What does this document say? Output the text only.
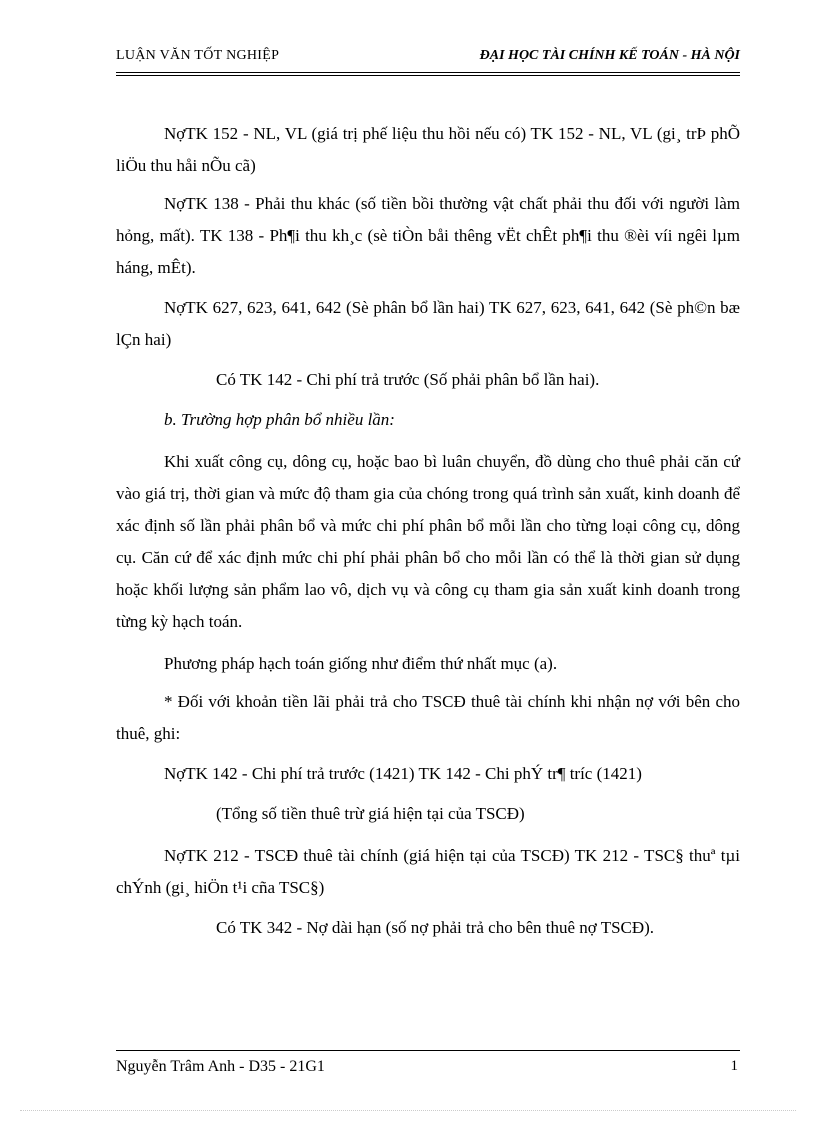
LUẬN VĂN TỐT NGHIỆP	ĐẠI HỌC TÀI CHÍNH KẾ TOÁN - HÀ NỘI

NợTK 152 - NL, VL (giá trị phế liệu thu hồi nếu có) TK 152 - NL, VL (gi¸ trÞ phÕ liÖu thu håi nÕu cã)

NợTK 138 - Phải thu khác (số tiền bồi thường vật chất phải thu đối với người làm hỏng, mất). TK 138 - Ph¶i thu kh¸c (sè tiÒn båi thêng vËt chÊt ph¶i thu ®èi víi ngêi lµm háng, mÊt).

NợTK 627, 623, 641, 642 (Sè phân bổ lần hai) TK 627, 623, 641, 642 (Sè ph©n bæ lÇn hai)

Có TK 142 - Chi phí trả trước (Số phải phân bổ lần hai).

b. Trường hợp phân bổ nhiều lần:

Khi xuất công cụ, dông cụ, hoặc bao bì luân chuyển, đồ dùng cho thuê phải căn cứ vào giá trị, thời gian và mức độ tham gia của chóng trong quá trình sản xuất, kinh doanh để xác định số lần phải phân bổ và mức chi phí phân bổ mỗi lần cho từng loại công cụ, dông cụ. Căn cứ để xác định mức chi phí phải phân bổ cho mỗi lần có thể là thời gian sử dụng hoặc khối lượng sản phẩm lao vô, dịch vụ và công cụ tham gia sản xuất kinh doanh trong từng kỳ hạch toán.

Phương pháp hạch toán giống như điểm thứ nhất mục (a).

* Đối với khoản tiền lãi phải trả cho TSCĐ thuê tài chính khi nhận nợ với bên cho thuê, ghi:

NợTK 142 - Chi phí trả trước (1421) TK 142 - Chi phÝ tr¶ tríc (1421)

(Tổng số tiền thuê trừ giá hiện tại của TSCĐ)

NợTK 212 - TSCĐ thuê tài chính (giá hiện tại của TSCĐ) TK 212 - TSC§ thuª tµi chÝnh (gi¸ hiÖn t¹i cña TSC§)

Có TK 342 - Nợ dài hạn (số nợ phải trả cho bên thuê nợ TSCĐ).

Nguyễn Trâm Anh - D35 - 21G1	1
